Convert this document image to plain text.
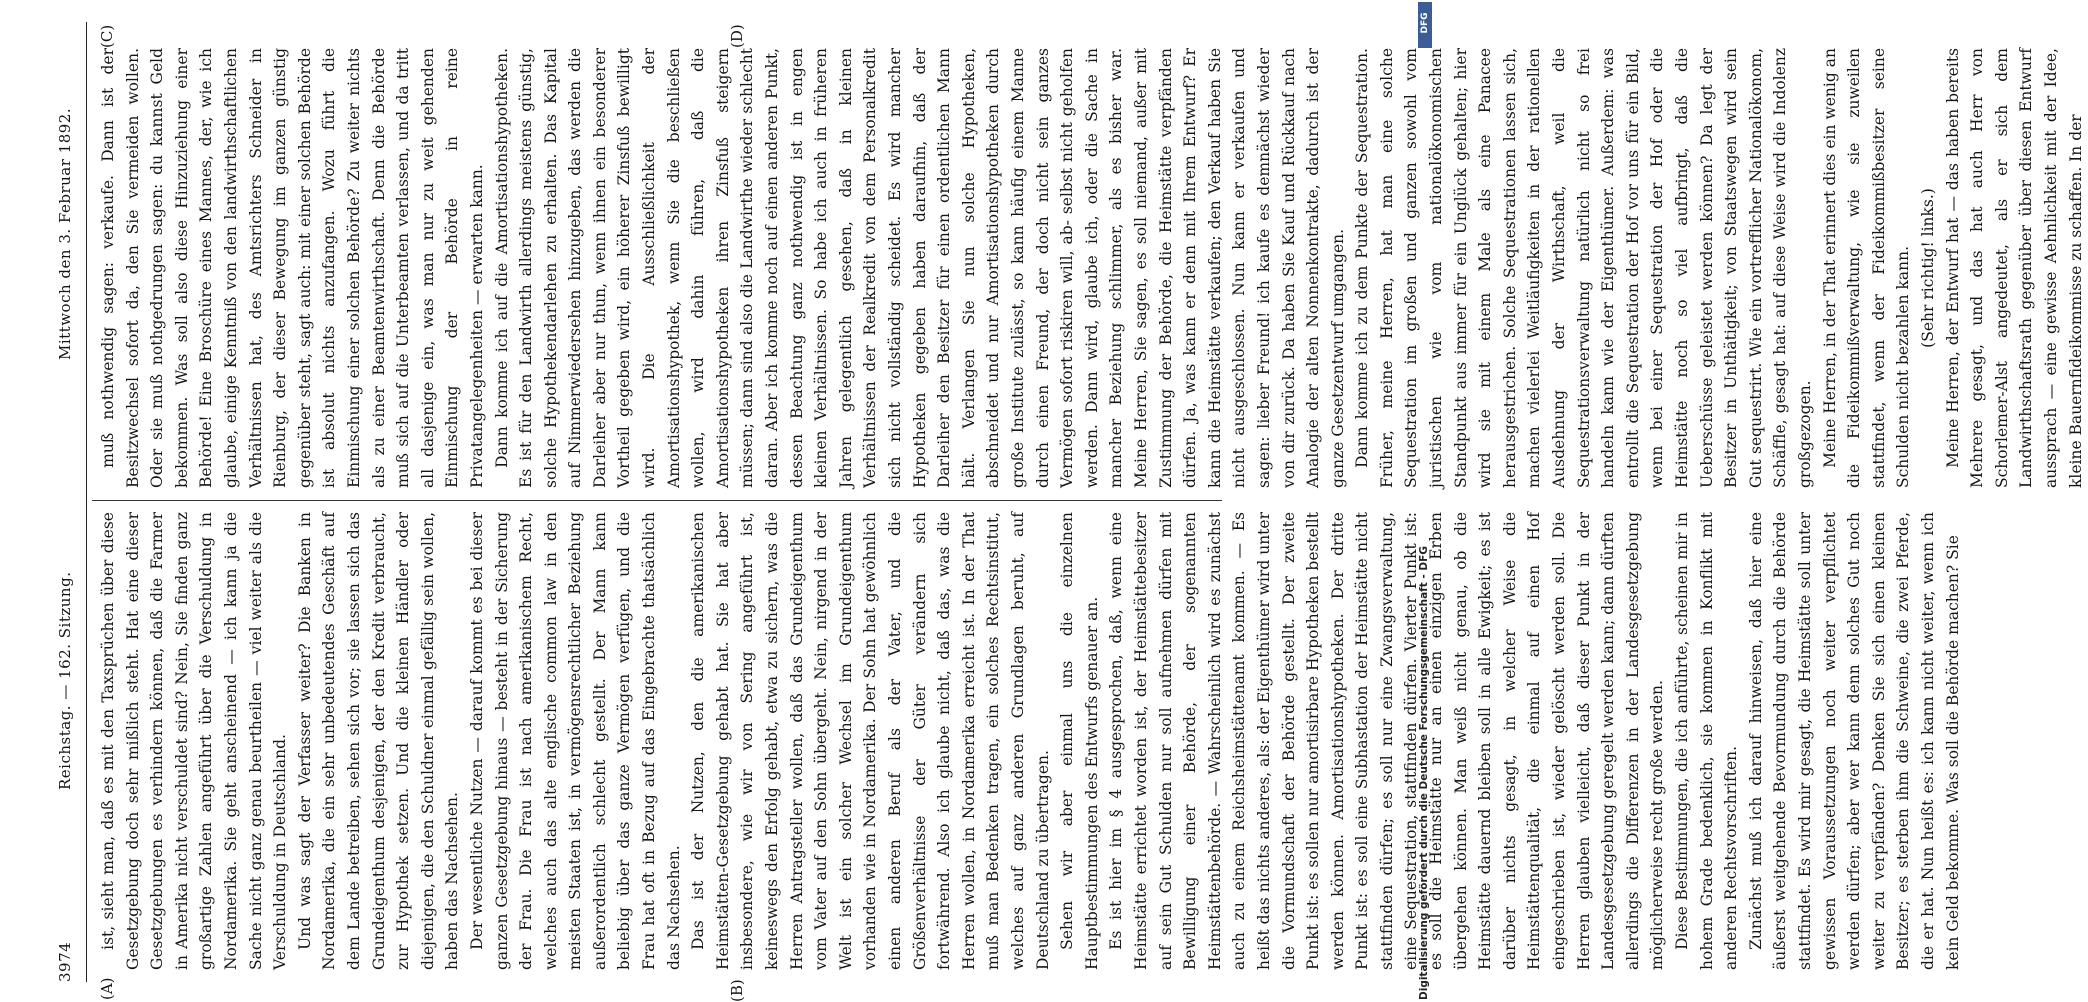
3974
Reichstag. — 162. Sitzung.
Mittwoch den 3. Februar 1892.
(A)	(B)
(C)	(D)

ist, sieht man, daß es mit den Taxsprüchen über diese Gesetzgebung doch sehr mißlich steht. Hat eine dieser Gesetzgebungen es verhindern können, daß die Farmer in Amerika nicht verschuldet sind? Nein, Sie finden ganz großartige Zahlen angeführt über die Verschuldung in Nordamerika. Sie geht anscheinend — ich kann ja die Sache nicht ganz genau beurtheilen — viel weiter als die Verschuldung in Deutschland. Und was sagt der Verfasser weiter? Die Banken in Nordamerika, die ein sehr unbedeutendes Geschäft auf dem Lande betreiben, sehen sich vor; sie lassen sich das Grundeigenthum desjenigen, der den Kredit verbraucht, zur Hypothek setzen. Und die kleinen Händler oder diejenigen, die den Schuldner einmal gefällig sein wollen, haben das Nachsehen. Der wesentliche Nutzen — darauf kommt es bei dieser ganzen Gesetzgebung hinaus — besteht in der Sicherung der Frau. Die Frau ist nach amerikanischem Recht, welches auch das alte englische common law in den meisten Staaten ist, in vermögensrechtlicher Beziehung außerordentlich schlecht gestellt. Der Mann kann beliebig über das ganze Vermögen verfügen, und die Frau hat oft in Bezug auf das Eingebrachte thatsächlich das Nachsehen. Das ist der Nutzen, den die amerikanischen Heimstätten-Gesetzgebung gehabt hat. Sie hat aber insbesondere, wie wir von Sering angeführt ist, keineswegs den Erfolg gehabt, etwa zu sichern, was die Herren Antragsteller wollen, daß das Grundeigenthum vom Vater auf den Sohn übergeht. Nein, nirgend in der Welt ist ein solcher Wechsel im Grundeigenthum vorhanden wie in Nordamerika. Der Sohn hat gewöhnlich einen anderen Beruf als der Vater, und die Größenverhältnisse der Güter verändern sich fortwährend. Also ich glaube nicht, daß das, was die Herren wollen, in Nordamerika erreicht ist. In der That muß man Bedenken tragen, ein solches Rechtsinstitut, welches auf ganz anderen Grundlagen beruht, auf Deutschland zu übertragen. Sehen wir aber einmal uns die einzelnen Hauptbestimmungen des Entwurfs genauer an. Es ist hier im § 4 ausgesprochen, daß, wenn eine Heimstätte errichtet worden ist, der Heimstättebesitzer auf sein Gut Schulden nur soll aufnehmen dürfen mit Bewilligung einer Behörde, der sogenannten Heimstättenbehörde. — Wahrscheinlich wird es zunächst auch zu einem Reichsheimstättenamt kommen. — Es heißt das nichts anderes, als: der Eigenthümer wird unter die Vormundschaft der Behörde gestellt. Der zweite Punkt ist: es sollen nur amortisirbare Hypotheken bestellt werden können. Amortisationshypotheken. Der dritte Punkt ist: es soll eine Subhastation der Heimstätte nicht stattfinden dürfen; es soll nur eine Zwangsverwaltung, eine Sequestration, stattfinden dürfen. Vierter Punkt ist: es soll die Heimstätte nur an einen einzigen Erben übergehen können. Man weiß nicht genau, ob die Heimstätte dauernd bleiben soll in alle Ewigkeit; es ist darüber nichts gesagt, in welcher Weise die Heimstättenqualität, die einmal auf einen Hof eingeschrieben ist, wieder gelöscht werden soll. Die Herren glauben vielleicht, daß dieser Punkt in der Landesgesetzgebung geregelt werden kann; dann dürften allerdings die Differenzen in der Landesgesetzgebung möglicherweise recht große werden. Diese Bestimmungen, die ich anführte, scheinen mir in hohem Grade bedenklich, sie kommen in Konflikt mit anderen Rechtsvorschriften. Zunächst muß ich darauf hinweisen, daß hier eine äußerst weitgehende Bevormundung durch die Behörde stattfindet. Es wird mir gesagt, die Heimstätte soll unter gewissen Voraussetzungen noch weiter verpflichtet werden dürfen; aber wer kann denn solches Gut noch weiter zu verpfänden? Denken Sie sich einen kleinen Besitzer; es sterben ihm die Schweine, die zwei Pferde, die er hat. Nun heißt es: ich kann nicht weiter, wenn ich kein Geld bekomme. Was soll die Behörde machen? Sie

muß nothwendig sagen: verkaufe. Dann ist der Besitzwechsel sofort da, den Sie vermeiden wollen. Oder sie muß nothgedrungen sagen: du kannst Geld bekommen. Was soll also diese Hinzuziehung einer Behörde! Eine Broschüre eines Mannes, der, wie ich glaube, einige Kenntniß von den landwirthschaftlichen Verhältnissen hat, des Amtsrichters Schneider in Rienburg, der dieser Bewegung im ganzen günstig gegenüber steht, sagt auch: mit einer solchen Behörde ist absolut nichts anzufangen. Wozu führt die Einmischung einer solchen Behörde? Zu weiter nichts als zu einer Beamtenwirthschaft. Denn die Behörde muß sich auf die Unterbeamten verlassen, und da tritt all dasjenige ein, was man nur zu weit gehenden Einmischung der Behörde in reine Privatangelegenheiten — erwarten kann. Dann komme ich auf die Amortisationshypotheken. Es ist für den Landwirth allerdings meistens günstig, solche Hypothekendarlehen zu erhalten. Das Kapital auf Nimmerwiedersehen hinzugeben, das werden die Darleiher aber nur thun, wenn ihnen ein besonderer Vortheil gegeben wird, ein höherer Zinsfuß bewilligt wird. Die Ausschließlichkeit der Amortisationshypothek, wenn Sie die beschließen wollen, wird dahin führen, daß die Amortisationshypotheken ihren Zinsfuß steigern müssen; dann sind also die Landwirthe wieder schlecht daran. Aber ich komme noch auf einen anderen Punkt, dessen Beachtung ganz nothwendig ist in engen kleinen Verhältnissen. So habe ich auch in früheren Jahren gelegentlich gesehen, daß in kleinen Verhältnissen der Realkredit von dem Personalkredit sich nicht vollständig scheidet. Es wird mancher Hypotheken gegeben haben daraufhin, daß der Darleiher den Besitzer für einen ordentlichen Mann hält. Verlangen Sie nun solche Hypotheken, abschneidet und nur Amortisationshypotheken durch große Institute zulässt, so kann häufig einem Manne durch einen Freund, der doch nicht sein ganzes Vermögen sofort riskiren will, ab- selbst nicht geholfen werden. Dann wird, glaube ich, oder die Sache in mancher Beziehung schlimmer, als es bisher war. Meine Herren, Sie sagen, es soll niemand, außer mit Zustimmung der Behörde, die Heimstätte verpfänden dürfen. Ja, was kann er denn mit Ihrem Entwurf? Er kann die Heimstätte verkaufen; den Verkauf haben Sie nicht ausgeschlossen. Nun kann er verkaufen und sagen: lieber Freund! ich kaufe es demnächst wieder von dir zurück. Da haben Sie Kauf und Rückkauf nach Analogie der alten Nonnenkontrakte, dadurch ist der ganze Gesetzentwurf umgangen. Dann komme ich zu dem Punkte der Sequestration. Früher, meine Herren, hat man eine solche Sequestration im großen und ganzen sowohl vom juristischen wie vom nationalökonomischen Standpunkt aus immer für ein Unglück gehalten; hier wird sie mit einem Male als eine Panacee herausgestrichen. Solche Sequestrationen lassen sich, machen vielerlei Weitläufigkeiten in der rationellen Ausdehnung der Wirthschaft, weil die Sequestrationsverwaltung natürlich nicht so frei handeln kann wie der Eigenthümer. Außerdem: was entrollt die Sequestration der Hof vor uns für ein Bild, wenn bei einer Sequestration der Hof oder die Heimstätte noch so viel aufbringt, daß die Ueberschüsse geleistet werden können? Da legt der Besitzer in Unthätigkeit; von Staatswegen wird sein Gut sequestrirt. Wie ein vortrefflicher Nationalökonom, Schäffle, gesagt hat: auf diese Weise wird die Indolenz großgezogen. Meine Herren, in der That erinnert dies ein wenig an die Fideikommißverwaltung, wie sie zuweilen stattfindet, wenn der Fideikommißbesitzer seine Schulden nicht bezahlen kann. (Sehr richtig! links.) Meine Herren, der Entwurf hat — das haben bereits Mehrere gesagt, und das hat auch Herr von Schorlemer-Alst angedeutet, als er sich dem Landwirthschaftsrath gegenüber über diesen Entwurf aussprach — eine gewisse Aehnlichkeit mit der Idee, kleine Bauernfideikommisse zu schaffen. In der

DFG
Digitalisierung gefördert durch die Deutsche Forschungsgemeinschaft - DFG
